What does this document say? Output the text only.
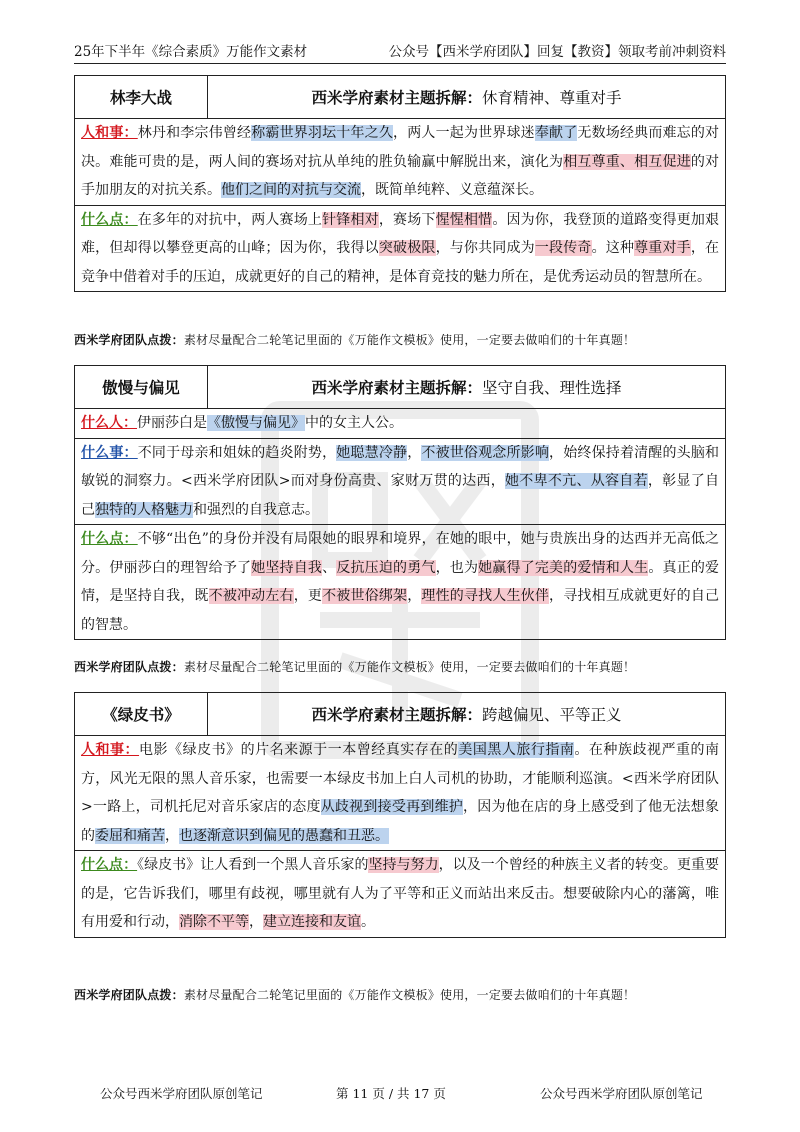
25年下半年《综合素质》万能作文素材	公众号【西米学府团队】回复【教资】领取考前冲刺资料
林李大战	西米学府素材主题拆解：休育精神、尊重对手
人和事：林丹和李宗伟曾经称霸世界羽坛十年之久，两人一起为世界球迷奉献了无数场经典而难忘的对决。难能可贵的是，两人间的赛场对抗从单纯的胜负输赢中解脱出来，演化为相互尊重、相互促进的对手加朋友的对抗关系。他们之间的对抗与交流，既简单纯粹、义意蕴深长。
什么点：在多年的对抗中，两人赛场上针锋相对，赛场下惺惺相惜。因为你，我登顶的道路变得更加艰难，但却得以攀登更高的山峰；因为你，我得以突破极限，与你共同成为一段传奇。这种尊重对手，在竞争中借着对手的压迫，成就更好的自己的精神，是体育竞技的魅力所在，是优秀运动员的智慧所在。
西米学府团队点拨：素材尽量配合二轮笔记里面的《万能作文模板》使用，一定要去做咱们的十年真题！
傲慢与偏见	西米学府素材主题拆解：坚守自我、理性选择
什么人：伊丽莎白是《傲慢与偏见》中的女主人公。
什么事：不同于母亲和姐妹的趋炎附势，她聪慧冷静，不被世俗观念所影响，始终保持着清醒的头脑和敏锐的洞察力。<西米学府团队>而对身份高贵、家财万贯的达西，她不卑不亢、从容自若，彰显了自己独特的人格魅力和强烈的自我意志。
什么点：不够“出色”的身份并没有局限她的眼界和境界，在她的眼中，她与贵族出身的达西并无高低之分。伊丽莎白的理智给予了她坚持自我、反抗压迫的勇气，也为她赢得了完美的爱情和人生。真正的爱情，是坚持自我，既不被冲动左右，更不被世俗绑架，理性的寻找人生伙伴，寻找相互成就更好的自己的智慧。
西米学府团队点拨：素材尽量配合二轮笔记里面的《万能作文模板》使用，一定要去做咱们的十年真题！
《绿皮书》	西米学府素材主题拆解：跨越偏见、平等正义
人和事：电影《绿皮书》的片名来源于一本曾经真实存在的美国黑人旅行指南。在种族歧视严重的南方，风光无限的黑人音乐家，也需要一本绿皮书加上白人司机的协助，才能顺利巡演。<西米学府团队>一路上，司机托尼对音乐家店的态度从歧视到接受再到维护，因为他在店的身上感受到了他无法想象的委屈和痛苦，也逐渐意识到偏见的愚蠢和丑恶。
什么点：《绿皮书》让人看到一个黑人音乐家的坚持与努力，以及一个曾经的种族主义者的转变。更重要的是，它告诉我们，哪里有歧视，哪里就有人为了平等和正义而站出来反击。想要破除内心的藩篱，唯有用爱和行动，消除不平等，建立连接和友谊。
西米学府团队点拨：素材尽量配合二轮笔记里面的《万能作文模板》使用，一定要去做咱们的十年真题！
公众号西米学府团队原创笔记	第 11 页 / 共 17 页	公众号西米学府团队原创笔记
